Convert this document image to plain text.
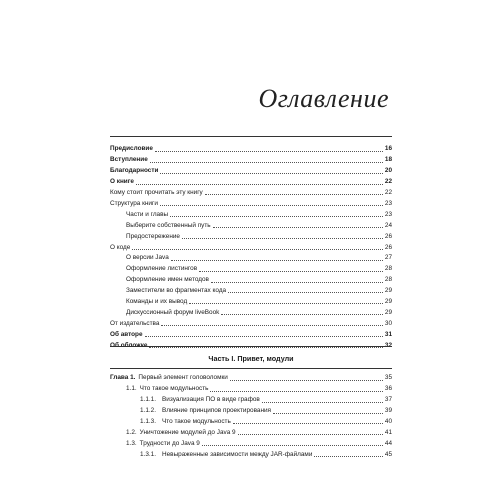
Оглавление
Предисловие	16
Вступление	18
Благодарности	20
О книге	22
Кому стоит прочитать эту книгу	22
Структура книги	23
Части и главы	23
Выберите собственный путь	24
Предостережение	26
О коде	26
О версии Java	27
Оформление листингов	28
Оформление имен методов	28
Заместители во фрагментах кода	29
Команды и их вывод	29
Дискуссионный форум liveBook	29
От издательства	30
Об авторе	31
Об обложке	32
Часть I. Привет, модули
Глава 1. Первый элемент головоломки	35
1.1. Что такое модульность	36
1.1.1. Визуализация ПО в виде графов	37
1.1.2. Влияние принципов проектирования	39
1.1.3. Что такое модульность	40
1.2. Уничтожение модулей до Java 9	41
1.3. Трудности до Java 9	44
1.3.1. Невыраженные зависимости между JAR-файлами	45
